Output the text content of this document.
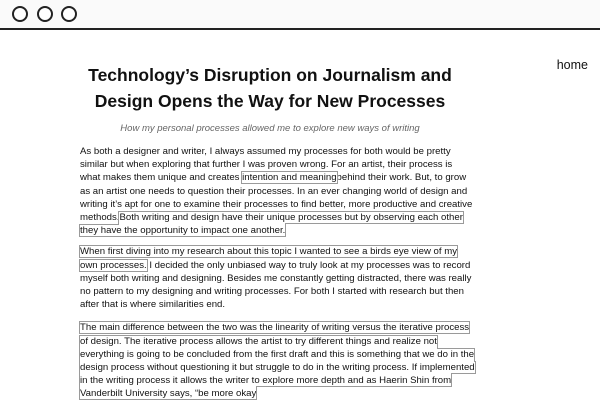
home
Technology’s Disruption on Journalism and Design Opens the Way for New Processes

How my personal processes allowed me to explore new ways of writing

As both a designer and writer, I always assumed my processes for both would be pretty similar but when exploring that further I was proven wrong. For an artist, their process is what makes them unique and creates intention and meaningbehind their work. But, to grow as an artist one needs to question their processes. In an ever changing world of design and writing it’s apt for one to examine their processes to find better, more productive and creative methods.Both writing and design have their unique processes but by observing each other they have the opportunity to impact one another.

When first diving into my research about this topic I wanted to see a birds eye view of my own processes. I decided the only unbiased way to truly look at my processes was to record myself both writing and designing. Besides me constantly getting distracted, there was really no pattern to my designing and writing processes. For both I started with research but then after that is where similarities end.

The main difference between the two was the linearity of writing versus the iterative process of design. The iterative process allows the artist to try different things and realize not everything is going to be concluded from the first draft and this is something that we do in the design process without questioning it but struggle to do in the writing process. If implemented in the writing process it allows the writer to explore more depth and as Haerin Shin from Vanderbilt University says, “be more okay
